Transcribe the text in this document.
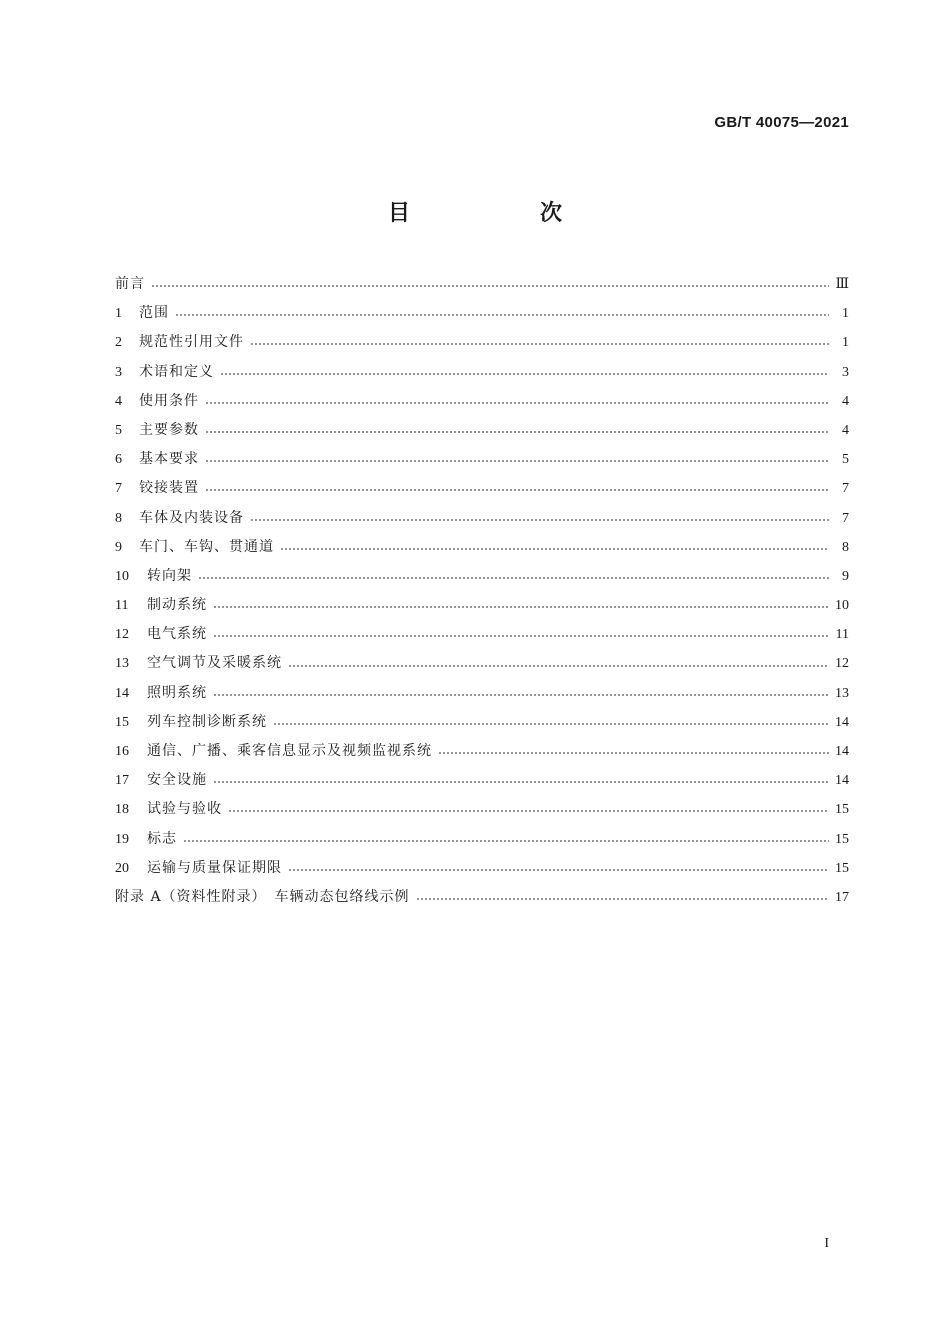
GB/T 40075—2021
目　次
前言	Ⅲ
1	范围	1
2	规范性引用文件	1
3	术语和定义	3
4	使用条件	4
5	主要参数	4
6	基本要求	5
7	铰接装置	7
8	车体及内装设备	7
9	车门、车钩、贯通道	8
10	转向架	9
11	制动系统	10
12	电气系统	11
13	空气调节及采暖系统	12
14	照明系统	13
15	列车控制诊断系统	14
16	通信、广播、乘客信息显示及视频监视系统	14
17	安全设施	14
18	试验与验收	15
19	标志	15
20	运输与质量保证期限	15
附录 A（资料性附录）　车辆动态包络线示例	17
I
